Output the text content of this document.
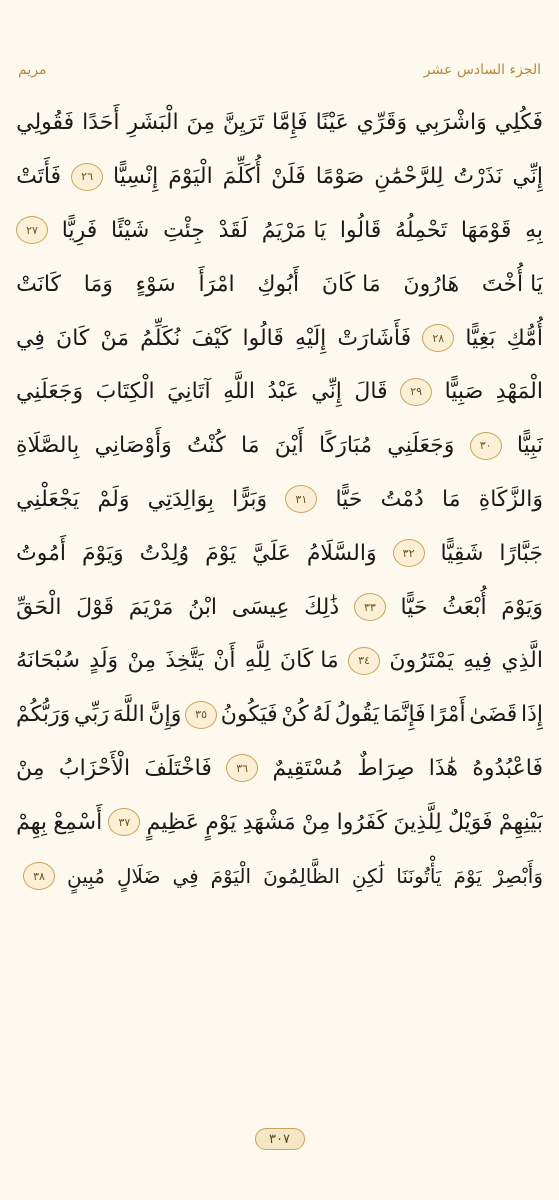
مريم	الجزء السادس عشر
فَكُلِي
وَاشْرَبِي
وَقَرِّي
عَيْنًا
فَإِمَّا
تَرَيِنَّ
مِنَ
الْبَشَرِ
أَحَدًا
فَقُولِي
إِنِّي
نَذَرْتُ
لِلرَّحْمَٰنِ
صَوْمًا
فَلَنْ
أُكَلِّمَ
الْيَوْمَ
إِنْسِيًّا
٢٦
فَأَتَتْ
بِهِ
قَوْمَهَا
تَحْمِلُهُ
قَالُوا
يَا مَرْيَمُ
لَقَدْ
جِئْتِ
شَيْئًا
فَرِيًّا
٢٧
يَا أُخْتَ
هَارُونَ
مَا كَانَ
أَبُوكِ
امْرَأَ
سَوْءٍ
وَمَا
كَانَتْ
أُمُّكِ
بَغِيًّا
٢٨
فَأَشَارَتْ
إِلَيْهِ
قَالُوا
كَيْفَ
نُكَلِّمُ
مَنْ
كَانَ
فِي
الْمَهْدِ
صَبِيًّا
٢٩
قَالَ
إِنِّي
عَبْدُ
اللَّهِ
آتَانِيَ
الْكِتَابَ
وَجَعَلَنِي
نَبِيًّا
٣٠
وَجَعَلَنِي
مُبَارَكًا
أَيْنَ
مَا
كُنْتُ
وَأَوْصَانِي
بِالصَّلَاةِ
وَالزَّكَاةِ
مَا
دُمْتُ
حَيًّا
٣١
وَبَرًّا
بِوَالِدَتِي
وَلَمْ
يَجْعَلْنِي
جَبَّارًا
شَقِيًّا
٣٢
وَالسَّلَامُ
عَلَيَّ
يَوْمَ
وُلِدْتُ
وَيَوْمَ
أَمُوتُ
وَيَوْمَ
أُبْعَثُ
حَيًّا
٣٣
ذَٰلِكَ
عِيسَى
ابْنُ
مَرْيَمَ
قَوْلَ
الْحَقِّ
الَّذِي
فِيهِ
يَمْتَرُونَ
٣٤
مَا كَانَ
لِلَّهِ
أَنْ
يَتَّخِذَ
مِنْ
وَلَدٍ
سُبْحَانَهُ
إِذَا
قَضَىٰ
أَمْرًا
فَإِنَّمَا
يَقُولُ
لَهُ
كُنْ
فَيَكُونُ
٣٥
وَإِنَّ
اللَّهَ
رَبِّي
وَرَبُّكُمْ
فَاعْبُدُوهُ
هَٰذَا
صِرَاطٌ
مُسْتَقِيمٌ
٣٦
فَاخْتَلَفَ
الْأَحْزَابُ
مِنْ
بَيْنِهِمْ
فَوَيْلٌ
لِلَّذِينَ
كَفَرُوا
مِنْ
مَشْهَدِ
يَوْمٍ
عَظِيمٍ
٣٧
أَسْمِعْ
بِهِمْ
وَأَبْصِرْ
يَوْمَ
يَأْتُونَنَا
لَٰكِنِ
الظَّالِمُونَ
الْيَوْمَ
فِي
ضَلَالٍ
مُبِينٍ
٣٨
٣٠٧
